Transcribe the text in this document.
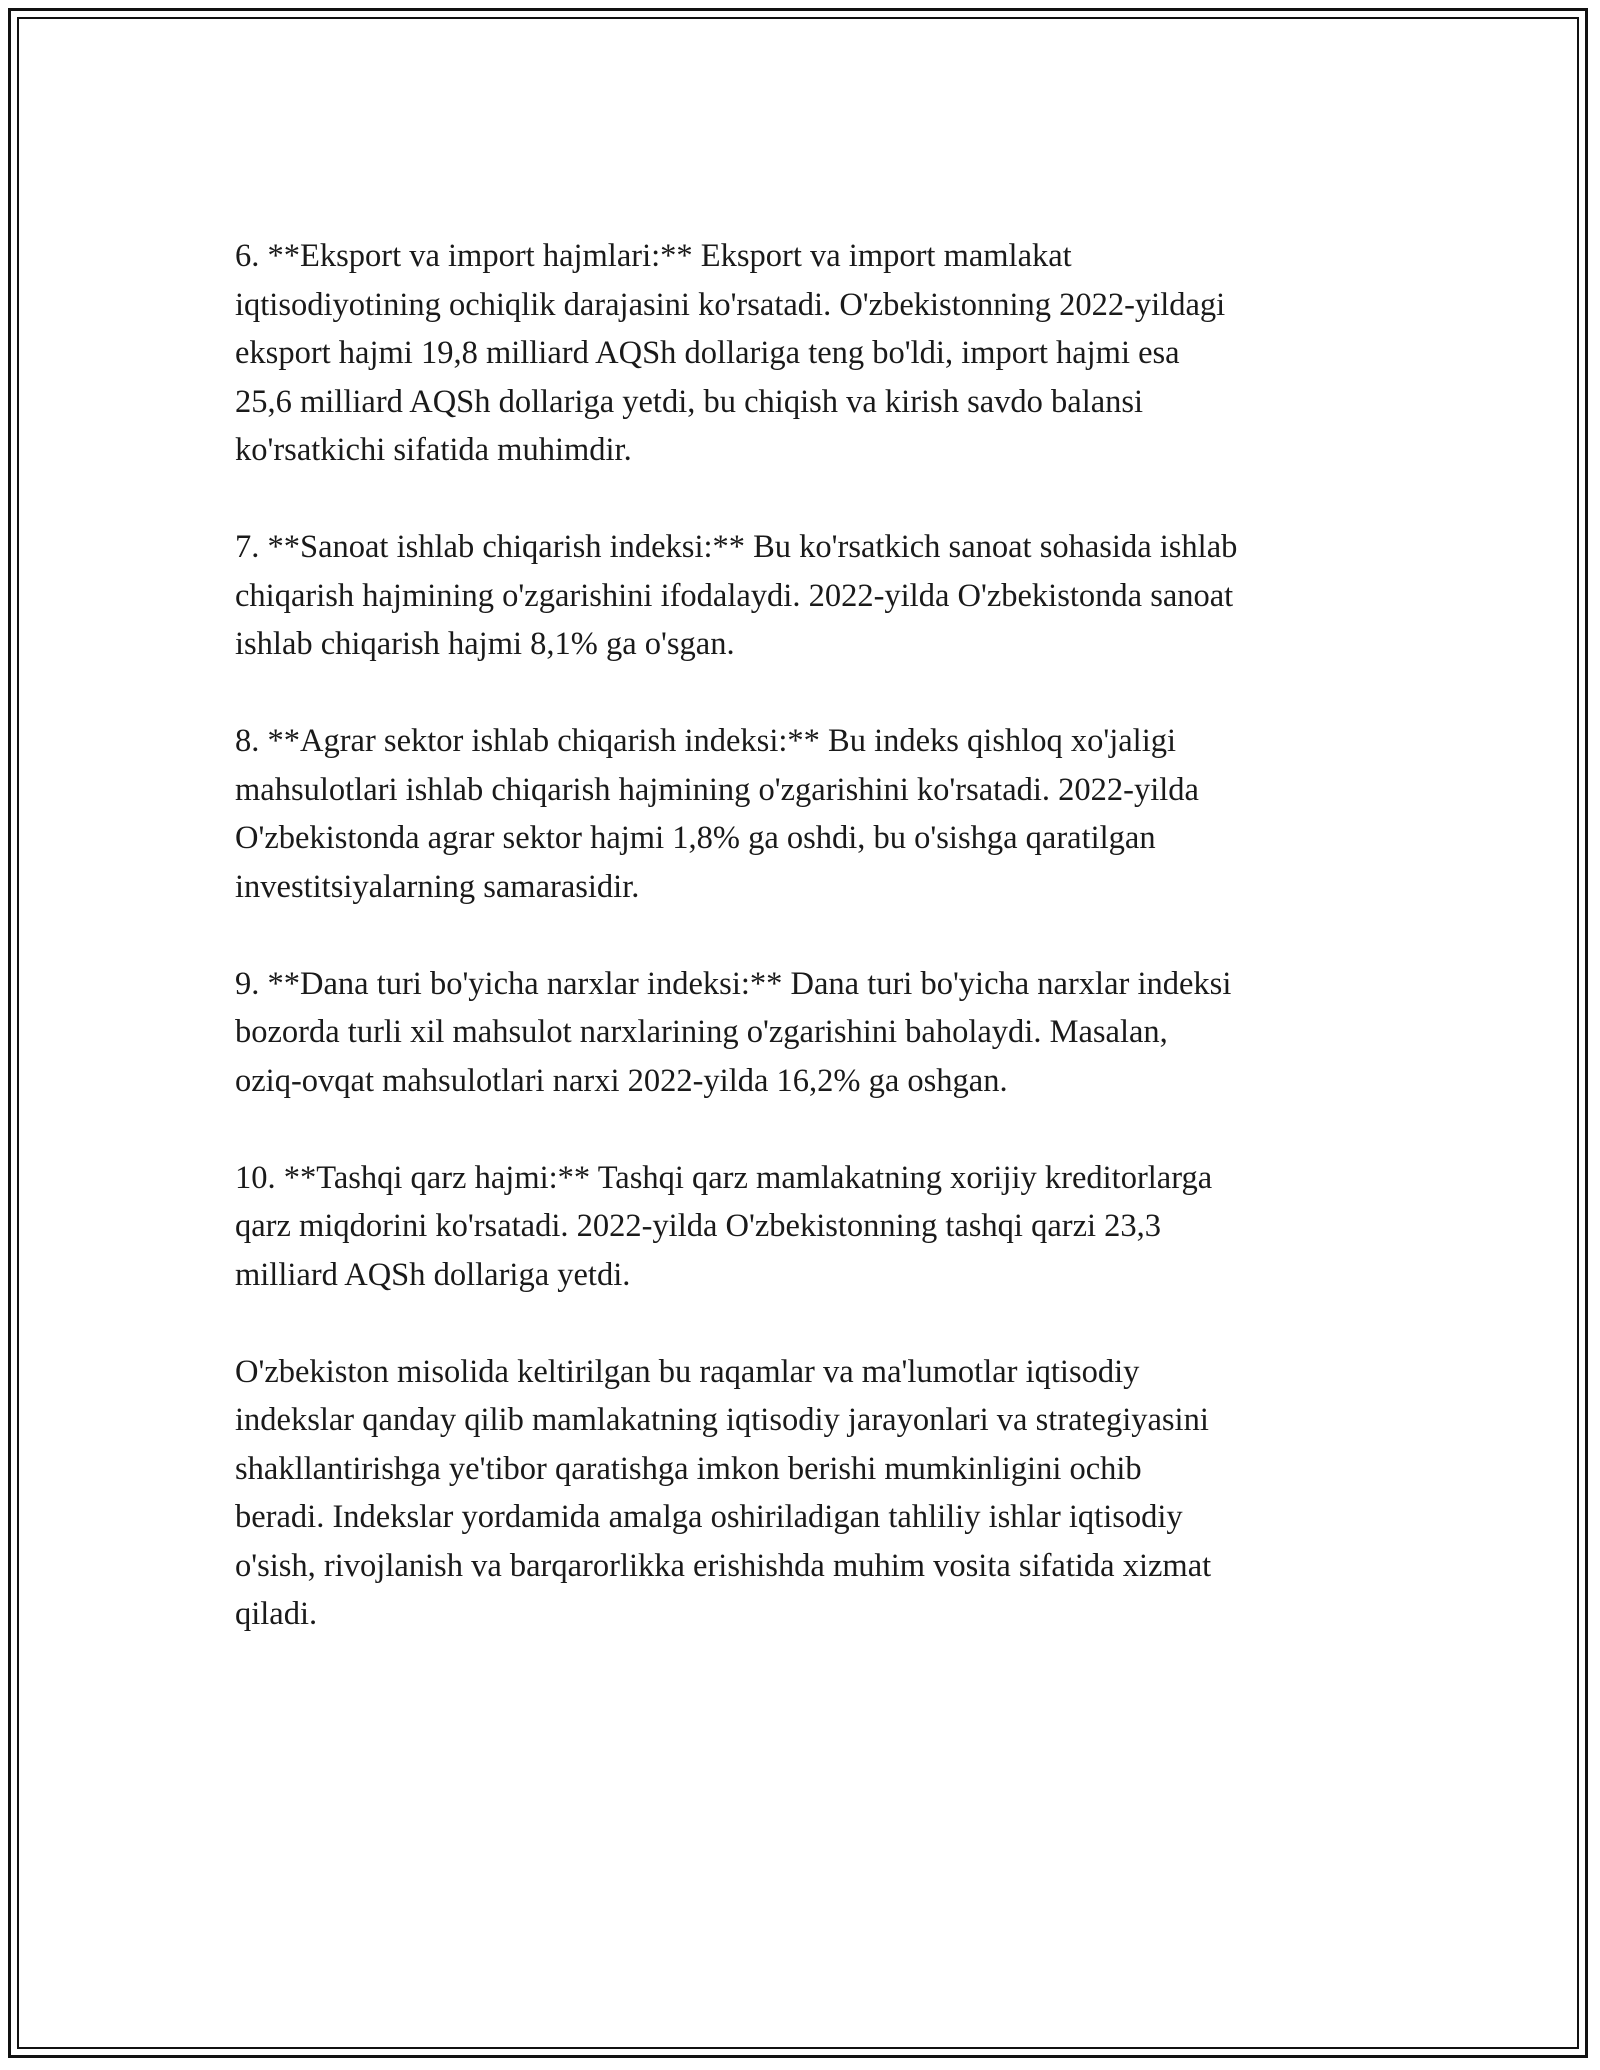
6. **Eksport va import hajmlari:** Eksport va import mamlakat
iqtisodiyotining ochiqlik darajasini ko'rsatadi. O'zbekistonning 2022-yildagi
eksport hajmi 19,8 milliard AQSh dollariga teng bo'ldi, import hajmi esa
25,6 milliard AQSh dollariga yetdi, bu chiqish va kirish savdo balansi
ko'rsatkichi sifatida muhimdir.

7. **Sanoat ishlab chiqarish indeksi:** Bu ko'rsatkich sanoat sohasida ishlab
chiqarish hajmining o'zgarishini ifodalaydi. 2022-yilda O'zbekistonda sanoat
ishlab chiqarish hajmi 8,1% ga o'sgan.

8. **Agrar sektor ishlab chiqarish indeksi:** Bu indeks qishloq xo'jaligi
mahsulotlari ishlab chiqarish hajmining o'zgarishini ko'rsatadi. 2022-yilda
O'zbekistonda agrar sektor hajmi 1,8% ga oshdi, bu o'sishga qaratilgan
investitsiyalarning samarasidir.

9. **Dana turi bo'yicha narxlar indeksi:** Dana turi bo'yicha narxlar indeksi
bozorda turli xil mahsulot narxlarining o'zgarishini baholaydi. Masalan,
oziq-ovqat mahsulotlari narxi 2022-yilda 16,2% ga oshgan.

10. **Tashqi qarz hajmi:** Tashqi qarz mamlakatning xorijiy kreditorlarga
qarz miqdorini ko'rsatadi. 2022-yilda O'zbekistonning tashqi qarzi 23,3
milliard AQSh dollariga yetdi.

O'zbekiston misolida keltirilgan bu raqamlar va ma'lumotlar iqtisodiy
indekslar qanday qilib mamlakatning iqtisodiy jarayonlari va strategiyasini
shakllantirishga ye'tibor qaratishga imkon berishi mumkinligini ochib
beradi. Indekslar yordamida amalga oshiriladigan tahliliy ishlar iqtisodiy
o'sish, rivojlanish va barqarorlikka erishishda muhim vosita sifatida xizmat
qiladi.
